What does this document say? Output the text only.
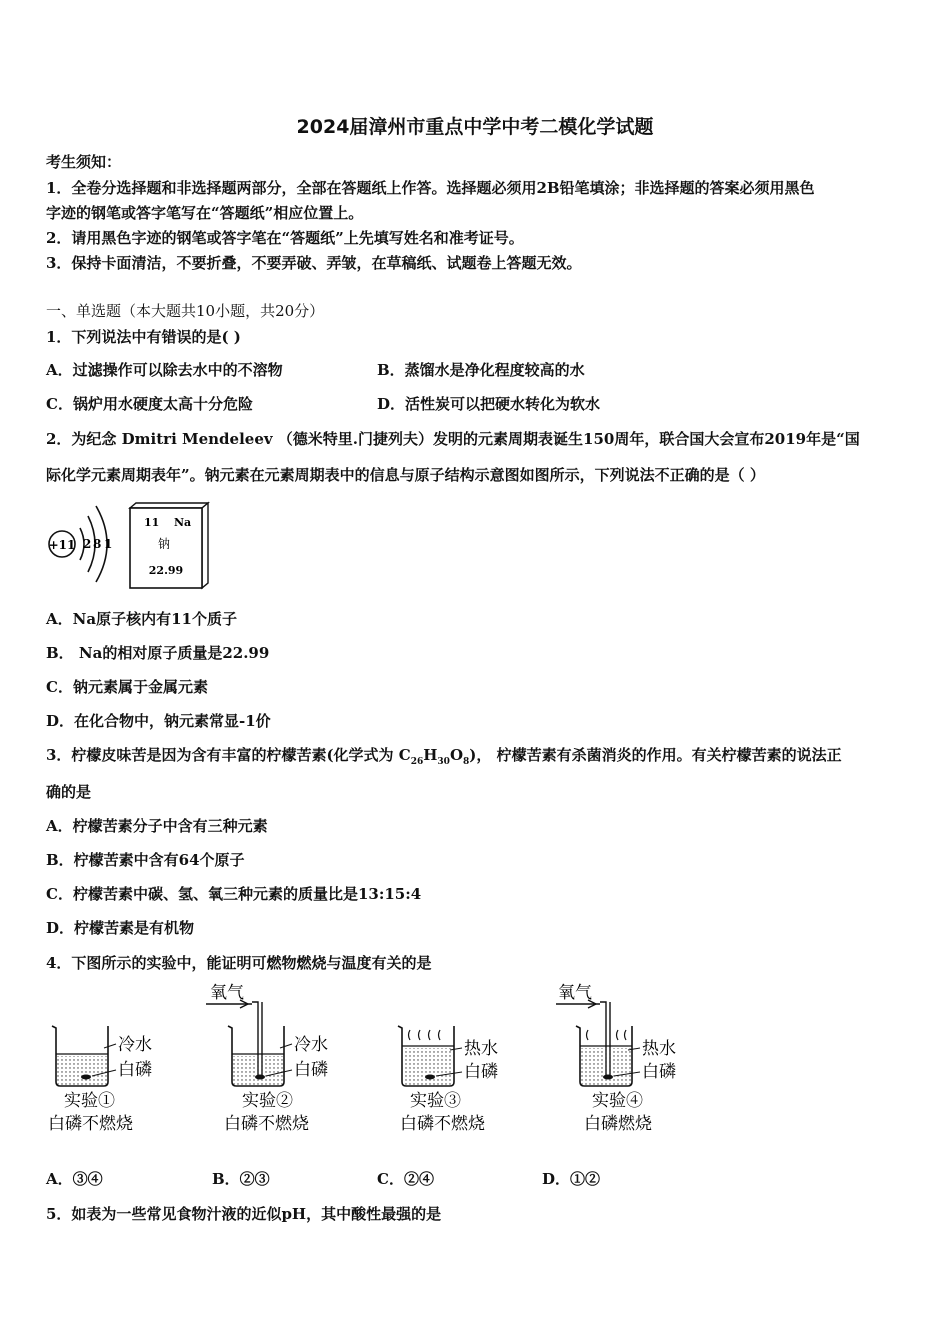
2024届漳州市重点中学中考二模化学试题
考生须知：
1．全卷分选择题和非选择题两部分，全部在答题纸上作答。选择题必须用2B铅笔填涂；非选择题的答案必须用黑色
字迹的钢笔或答字笔写在“答题纸”相应位置上。
2．请用黑色字迹的钢笔或答字笔在“答题纸”上先填写姓名和准考证号。
3．保持卡面清洁，不要折叠，不要弄破、弄皱，在草稿纸、试题卷上答题无效。
一、单选题（本大题共10小题，共20分）
1．下列说法中有错误的是( )
A．过滤操作可以除去水中的不溶物	B．蒸馏水是净化程度较高的水
C．锅炉用水硬度太高十分危险	D．活性炭可以把硬水转化为软水
2．为纪念 Dmitri Mendeleev （德米特里.门捷列夫）发明的元素周期表诞生150周年，联合国大会宣布2019年是“国
际化学元素周期表年”。钠元素在元素周期表中的信息与原子结构示意图如图所示，下列说法不正确的是（ ）
+11 2 8 1
11 Na
钠
22.99
A．Na原子核内有11个质子
B． Na的相对原子质量是22.99
C．钠元素属于金属元素
D．在化合物中，钠元素常显-1价
3．柠檬皮味苦是因为含有丰富的柠檬苦素(化学式为 $C_{26}H_{30}O_8$)， 柠檬苦素有杀菌消炎的作用。有关柠檬苦素的说法正
确的是
A．柠檬苦素分子中含有三种元素
B．柠檬苦素中含有64个原子
C．柠檬苦素中碳、氢、氧三种元素的质量比是13:15:4
D．柠檬苦素是有机物
4．下图所示的实验中，能证明可燃物燃烧与温度有关的是
冷水
白磷
实验①
白磷不燃烧
氧气
冷水
白磷
实验②
白磷不燃烧
热水
白磷
实验③
白磷不燃烧
氧气
热水
白磷
实验④
白磷燃烧
A．③④	B．②③	C．②④	D．①②
5．如表为一些常见食物汁液的近似pH，其中酸性最强的是
